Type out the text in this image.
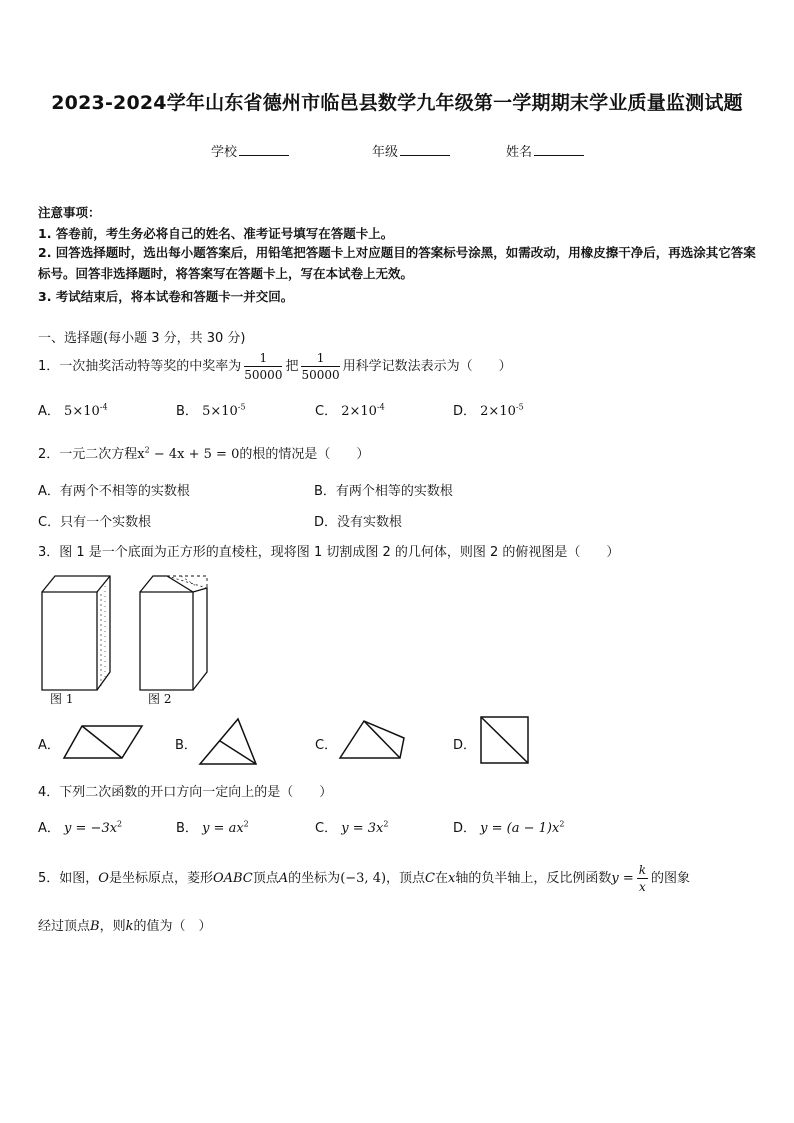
2023-2024学年山东省德州市临邑县数学九年级第一学期期末学业质量监测试题
学校	年级	姓名
注意事项：
1. 答卷前，考生务必将自己的姓名、准考证号填写在答题卡上。
2. 回答选择题时，选出每小题答案后，用铅笔把答题卡上对应题目的答案标号涂黑，如需改动，用橡皮擦干净后，再选涂其它答案标号。回答非选择题时，将答案写在答题卡上，写在本试卷上无效。
3. 考试结束后，将本试卷和答题卡一并交回。
一、选择题(每小题 3 分，共 30 分)
1．一次抽奖活动特等奖的中奖率为 $\frac{1}{50000}$ 把 $\frac{1}{50000}$ 用科学记数法表示为（　　）
A． $5\times 10^{-4}$	B． $5\times 10^{-5}$	C． $2\times 10^{-4}$	D． $2\times 10^{-5}$
2．一元二次方程$x^2 - 4x + 5 = 0$的根的情况是（　　）
A．有两个不相等的实数根	B．有两个相等的实数根
C．只有一个实数根	D．没有实数根
3．图 1 是一个底面为正方形的直棱柱，现将图 1 切割成图 2 的几何体，则图 2 的俯视图是（　　）
图 1	图 2
A．	B．	C．	D．
4．下列二次函数的开口方向一定向上的是（　　）
A． $y = -3x^2$	B． $y = ax^2$	C． $y = 3x^2$	D． $y = (a - 1)x^2$
5．如图，O是坐标原点，菱形OABC顶点A的坐标为(−3, 4)，顶点C在x轴的负半轴上，反比例函数$y = \frac{k}{x}$ 的图象
经过顶点B，则k的值为（　）
